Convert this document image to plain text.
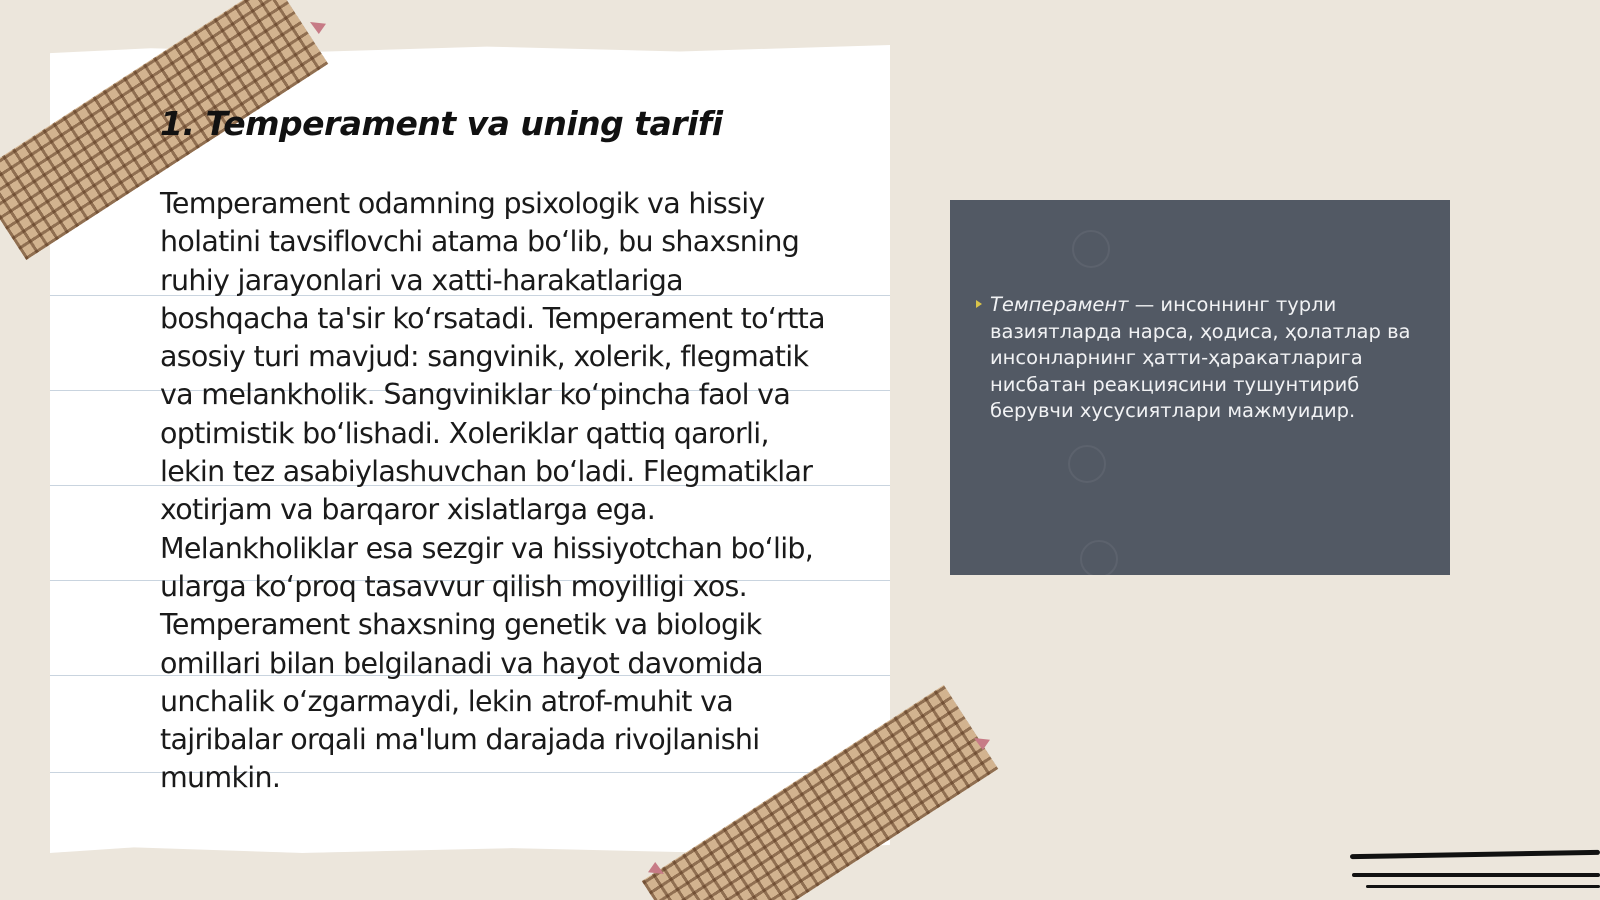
1. Temperament va uning tarifi

Temperament odamning psixologik va hissiy holatini tavsiflovchi atama bo‘lib, bu shaxsning ruhiy jarayonlari va xatti-harakatlariga boshqacha ta'sir ko‘rsatadi. Temperament to‘rtta asosiy turi mavjud: sangvinik, xolerik, flegmatik va melankholik. Sangviniklar ko‘pincha faol va optimistik bo‘lishadi. Xoleriklar qattiq qarorli, lekin tez asabiylashuvchan bo‘ladi. Flegmatiklar xotirjam va barqaror xislatlarga ega. Melankholiklar esa sezgir va hissiyotchan bo‘lib, ularga ko‘proq tasavvur qilish moyilligi xos. Temperament shaxsning genetik va biologik omillari bilan belgilanadi va hayot davomida unchalik o‘zgarmaydi, lekin atrof-muhit va tajribalar orqali ma'lum darajada rivojlanishi mumkin.

Темперамент — инсоннинг турли вазиятларда нарса, ҳодиса, ҳолатлар ва инсонларнинг ҳатти-ҳаракатларига нисбатан реакциясини тушунтириб берувчи хусусиятлари мажмуидир.
